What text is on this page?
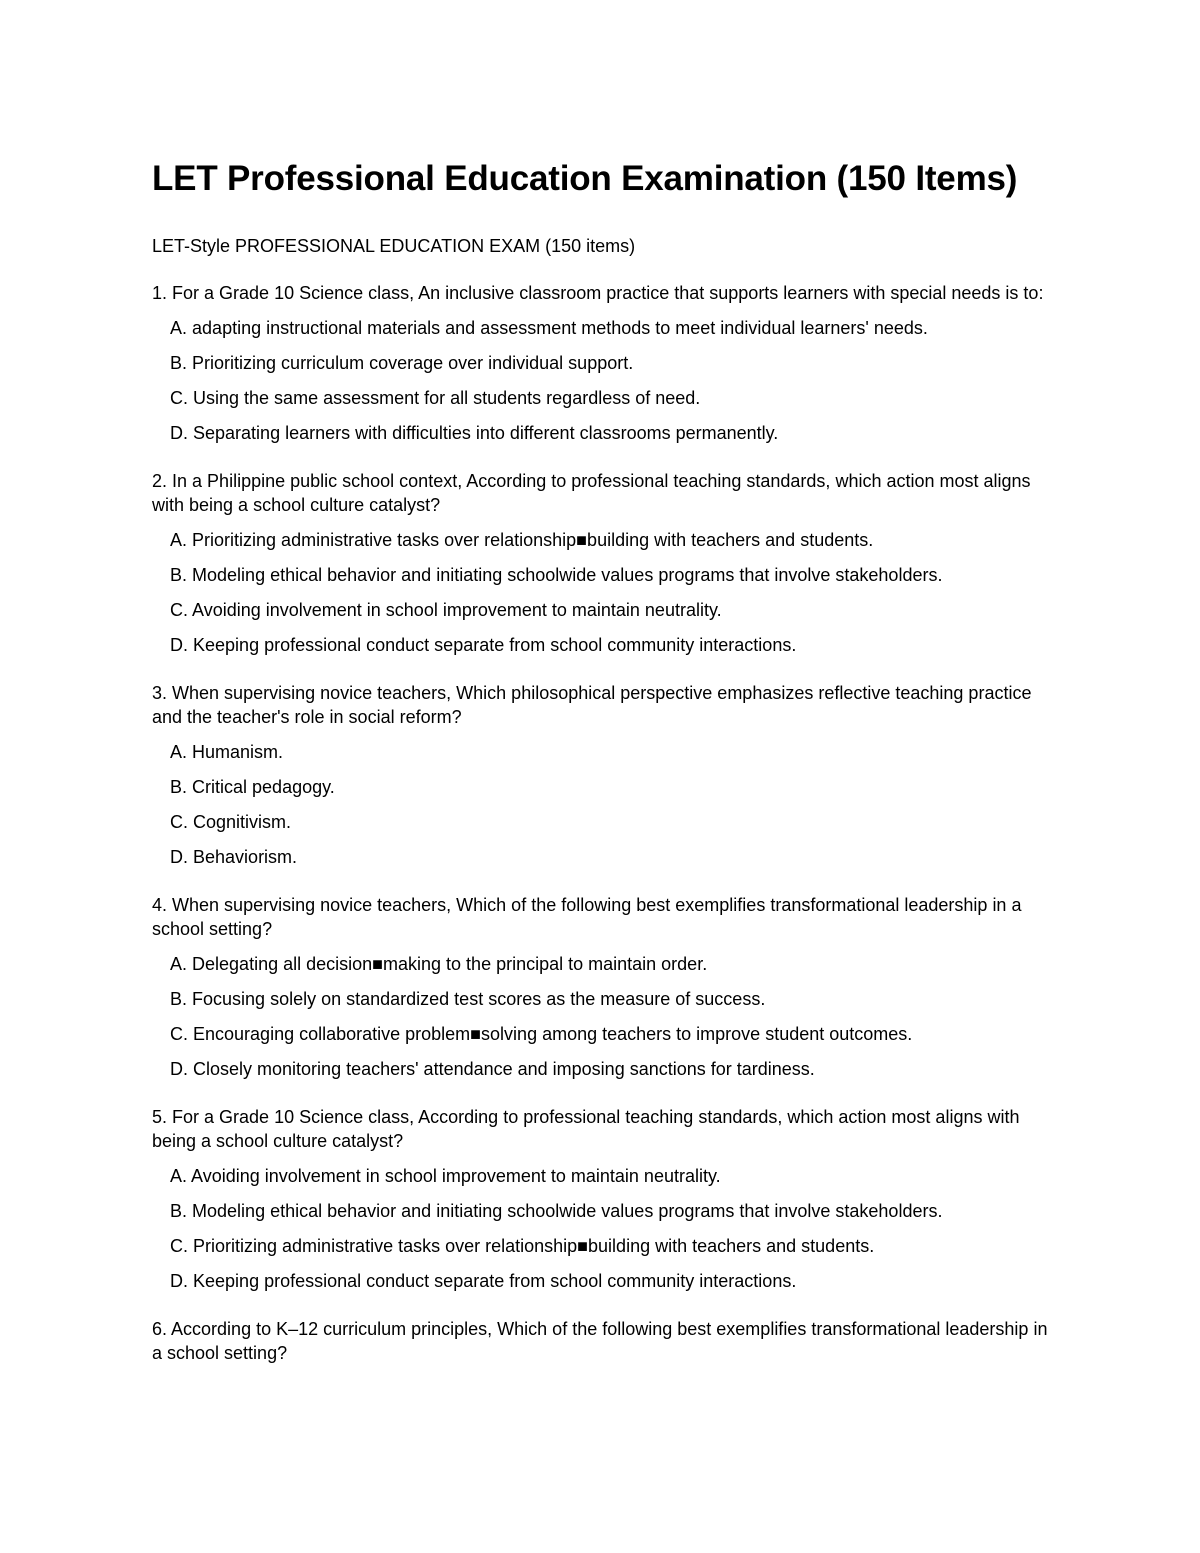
LET Professional Education Examination (150 Items)
LET-Style PROFESSIONAL EDUCATION EXAM (150 items)
1 . For a Grade 10 Science class, An inclusive classroom practice that supports learners with special needs is to:
A . adapting instructional materials and assessment methods to meet individual learners' needs.
B . Prioritizing curriculum coverage over individual support.
C . Using the same assessment for all students regardless of need.
D . Separating learners with difficulties into different classrooms permanently.
2 . In a Philippine public school context, According to professional teaching standards, which action most aligns with being a school culture catalyst?
A . Prioritizing administrative tasks over relationship■building with teachers and students.
B . Modeling ethical behavior and initiating schoolwide values programs that involve stakeholders.
C . Avoiding involvement in school improvement to maintain neutrality.
D . Keeping professional conduct separate from school community interactions.
3 . When supervising novice teachers, Which philosophical perspective emphasizes reflective teaching practice and the teacher's role in social reform?
A . Humanism.
B . Critical pedagogy.
C . Cognitivism.
D . Behaviorism.
4 . When supervising novice teachers, Which of the following best exemplifies transformational leadership in a school setting?
A . Delegating all decision■making to the principal to maintain order.
B . Focusing solely on standardized test scores as the measure of success.
C . Encouraging collaborative problem■solving among teachers to improve student outcomes.
D . Closely monitoring teachers' attendance and imposing sanctions for tardiness.
5 . For a Grade 10 Science class, According to professional teaching standards, which action most aligns with being a school culture catalyst?
A . Avoiding involvement in school improvement to maintain neutrality.
B . Modeling ethical behavior and initiating schoolwide values programs that involve stakeholders.
C . Prioritizing administrative tasks over relationship■building with teachers and students.
D . Keeping professional conduct separate from school community interactions.
6 . According to K–12 curriculum principles, Which of the following best exemplifies transformational leadership in a school setting?
